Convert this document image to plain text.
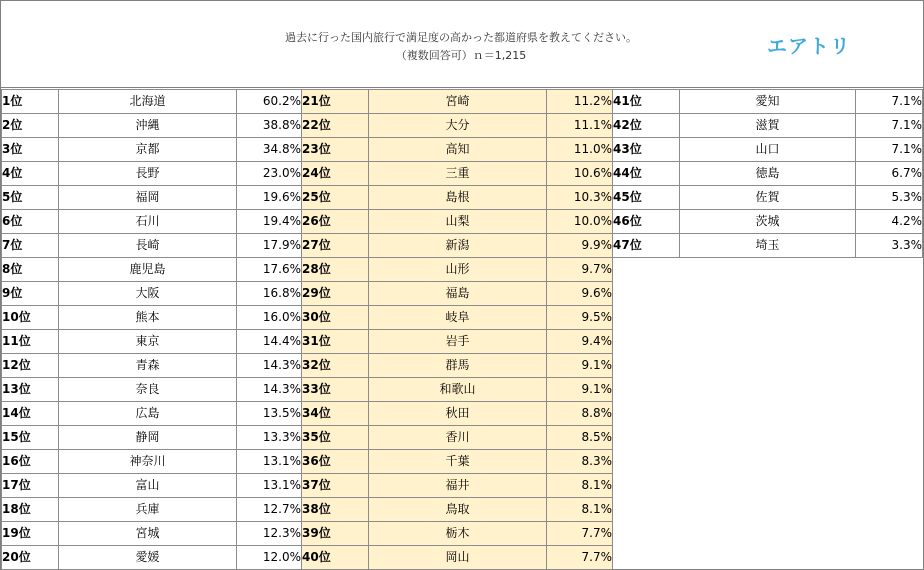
過去に行った国内旅行で満足度の高かった都道府県を教えてください。
（複数回答可）ｎ＝1,215	エアトリ
1位	北海道	60.2%
2位	沖縄	38.8%
3位	京都	34.8%
4位	長野	23.0%
5位	福岡	19.6%
6位	石川	19.4%
7位	長崎	17.9%
8位	鹿児島	17.6%
9位	大阪	16.8%
10位	熊本	16.0%
11位	東京	14.4%
12位	青森	14.3%
13位	奈良	14.3%
14位	広島	13.5%
15位	静岡	13.3%
16位	神奈川	13.1%
17位	富山	13.1%
18位	兵庫	12.7%
19位	宮城	12.3%
20位	愛媛	12.0%
21位	宮崎	11.2%
22位	大分	11.1%
23位	高知	11.0%
24位	三重	10.6%
25位	島根	10.3%
26位	山梨	10.0%
27位	新潟	9.9%
28位	山形	9.7%
29位	福島	9.6%
30位	岐阜	9.5%
31位	岩手	9.4%
32位	群馬	9.1%
33位	和歌山	9.1%
34位	秋田	8.8%
35位	香川	8.5%
36位	千葉	8.3%
37位	福井	8.1%
38位	鳥取	8.1%
39位	栃木	7.7%
40位	岡山	7.7%
41位	愛知	7.1%
42位	滋賀	7.1%
43位	山口	7.1%
44位	徳島	6.7%
45位	佐賀	5.3%
46位	茨城	4.2%
47位	埼玉	3.3%
